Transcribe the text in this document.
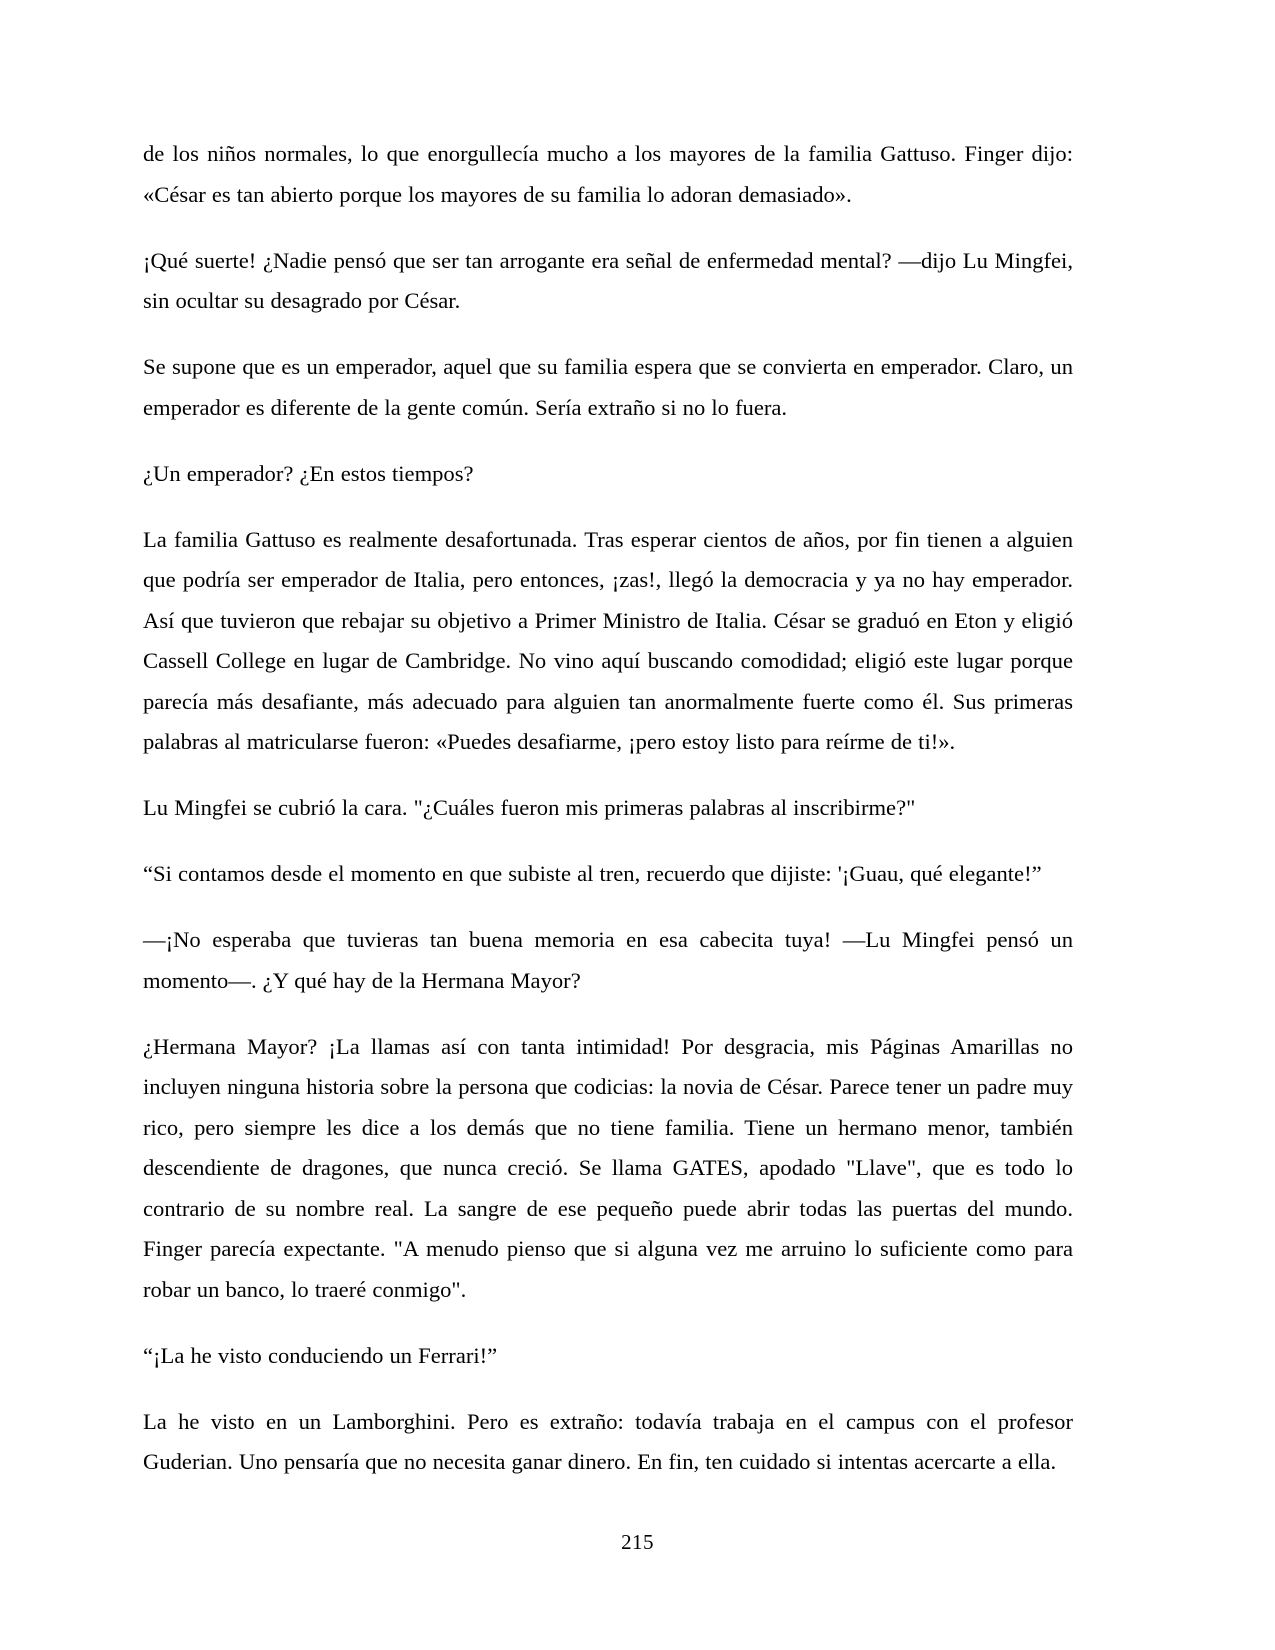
de los niños normales, lo que enorgullecía mucho a los mayores de la familia Gattuso. Finger dijo: «César es tan abierto porque los mayores de su familia lo adoran demasiado».

¡Qué suerte! ¿Nadie pensó que ser tan arrogante era señal de enfermedad mental? —dijo Lu Mingfei, sin ocultar su desagrado por César.

Se supone que es un emperador, aquel que su familia espera que se convierta en emperador. Claro, un emperador es diferente de la gente común. Sería extraño si no lo fuera.

¿Un emperador? ¿En estos tiempos?

La familia Gattuso es realmente desafortunada. Tras esperar cientos de años, por fin tienen a alguien que podría ser emperador de Italia, pero entonces, ¡zas!, llegó la democracia y ya no hay emperador. Así que tuvieron que rebajar su objetivo a Primer Ministro de Italia. César se graduó en Eton y eligió Cassell College en lugar de Cambridge. No vino aquí buscando comodidad; eligió este lugar porque parecía más desafiante, más adecuado para alguien tan anormalmente fuerte como él. Sus primeras palabras al matricularse fueron: «Puedes desafiarme, ¡pero estoy listo para reírme de ti!».

Lu Mingfei se cubrió la cara. "¿Cuáles fueron mis primeras palabras al inscribirme?"

“Si contamos desde el momento en que subiste al tren, recuerdo que dijiste: '¡Guau, qué elegante!”

—¡No esperaba que tuvieras tan buena memoria en esa cabecita tuya! —Lu Mingfei pensó un momento—. ¿Y qué hay de la Hermana Mayor?

¿Hermana Mayor? ¡La llamas así con tanta intimidad! Por desgracia, mis Páginas Amarillas no incluyen ninguna historia sobre la persona que codicias: la novia de César. Parece tener un padre muy rico, pero siempre les dice a los demás que no tiene familia. Tiene un hermano menor, también descendiente de dragones, que nunca creció. Se llama GATES, apodado "Llave", que es todo lo contrario de su nombre real. La sangre de ese pequeño puede abrir todas las puertas del mundo. Finger parecía expectante. "A menudo pienso que si alguna vez me arruino lo suficiente como para robar un banco, lo traeré conmigo".

“¡La he visto conduciendo un Ferrari!”

La he visto en un Lamborghini. Pero es extraño: todavía trabaja en el campus con el profesor Guderian. Uno pensaría que no necesita ganar dinero. En fin, ten cuidado si intentas acercarte a ella.

215
